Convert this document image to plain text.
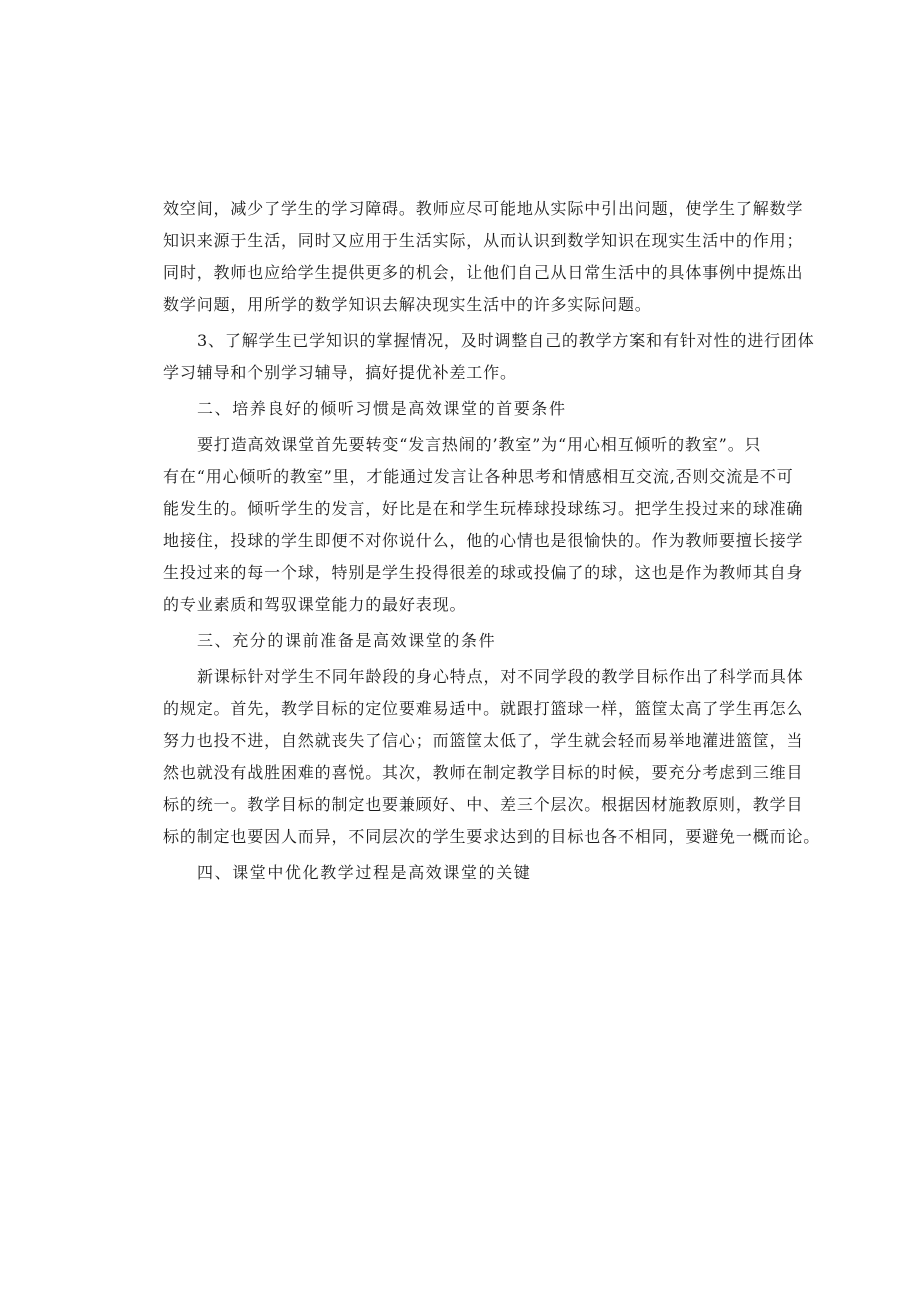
效空间，减少了学生的学习障碍。教师应尽可能地从实际中引出问题，使学生了解数学
知识来源于生活，同时又应用于生活实际，从而认识到数学知识在现实生活中的作用；
同时，教师也应给学生提供更多的机会，让他们自己从日常生活中的具体事例中提炼出
数学问题，用所学的数学知识去解决现实生活中的许多实际问题。
3、了解学生已学知识的掌握情况，及时调整自己的教学方案和有针对性的进行团体
学习辅导和个别学习辅导，搞好提优补差工作。
二、培养良好的倾听习惯是高效课堂的首要条件
要打造高效课堂首先要转变“发言热闹的’教室”为“用心相互倾听的教室”。只
有在“用心倾听的教室”里，才能通过发言让各种思考和情感相互交流,否则交流是不可
能发生的。倾听学生的发言，好比是在和学生玩棒球投球练习。把学生投过来的球准确
地接住，投球的学生即便不对你说什么，他的心情也是很愉快的。作为教师要擅长接学
生投过来的每一个球，特别是学生投得很差的球或投偏了的球，这也是作为教师其自身
的专业素质和驾驭课堂能力的最好表现。
三、充分的课前准备是高效课堂的条件
新课标针对学生不同年龄段的身心特点，对不同学段的教学目标作出了科学而具体
的规定。首先，教学目标的定位要难易适中。就跟打篮球一样，篮筐太高了学生再怎么
努力也投不进，自然就丧失了信心；而篮筐太低了，学生就会轻而易举地灌进篮筐，当
然也就没有战胜困难的喜悦。其次，教师在制定教学目标的时候，要充分考虑到三维目
标的统一。教学目标的制定也要兼顾好、中、差三个层次。根据因材施教原则，教学目
标的制定也要因人而异，不同层次的学生要求达到的目标也各不相同，要避免一概而论。
四、课堂中优化教学过程是高效课堂的关键
